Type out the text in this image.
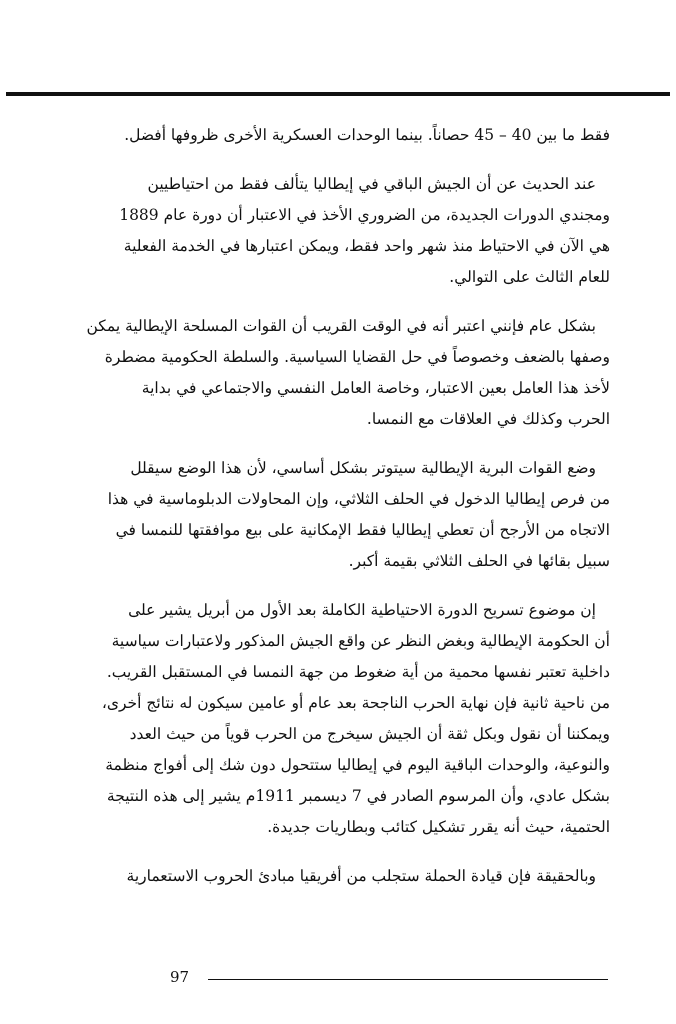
فقط ما بين 40 – 45 حصاناً. بينما الوحدات العسكرية الأخرى ظروفها أفضل.

عند الحديث عن أن الجيش الباقي في إيطاليا يتألف فقط من احتياطيين
ومجندي الدورات الجديدة، من الضروري الأخذ في الاعتبار أن دورة عام 1889
هي الآن في الاحتياط منذ شهر واحد فقط، ويمكن اعتبارها في الخدمة الفعلية
للعام الثالث على التوالي.

بشكل عام فإنني اعتبر أنه في الوقت القريب أن القوات المسلحة الإيطالية يمكن
وصفها بالضعف وخصوصاً في حل القضايا السياسية. والسلطة الحكومية مضطرة
لأخذ هذا العامل بعين الاعتبار، وخاصة العامل النفسي والاجتماعي في بداية
الحرب وكذلك في العلاقات مع النمسا.

وضع القوات البرية الإيطالية سيتوتر بشكل أساسي، لأن هذا الوضع سيقلل
من فرص إيطاليا الدخول في الحلف الثلاثي، وإن المحاولات الدبلوماسية في هذا
الاتجاه من الأرجح أن تعطي إيطاليا فقط الإمكانية على بيع موافقتها للنمسا في
سبيل بقائها في الحلف الثلاثي بقيمة أكبر.

إن موضوع تسريح الدورة الاحتياطية الكاملة بعد الأول من أبريل يشير على
أن الحكومة الإيطالية وبغض النظر عن واقع الجيش المذكور ولاعتبارات سياسية
داخلية تعتبر نفسها محمية من أية ضغوط من جهة النمسا في المستقبل القريب.
من ناحية ثانية فإن نهاية الحرب الناجحة بعد عام أو عامين سيكون له نتائج أخرى،
ويمكننا أن نقول وبكل ثقة أن الجيش سيخرج من الحرب قوياً من حيث العدد
والنوعية، والوحدات الباقية اليوم في إيطاليا ستتحول دون شك إلى أفواج منظمة
بشكل عادي، وأن المرسوم الصادر في 7 ديسمبر 1911م يشير إلى هذه النتيجة
الحتمية، حيث أنه يقرر تشكيل كتائب وبطاريات جديدة.

وبالحقيقة فإن قيادة الحملة ستجلب من أفريقيا مبادئ الحروب الاستعمارية

97
